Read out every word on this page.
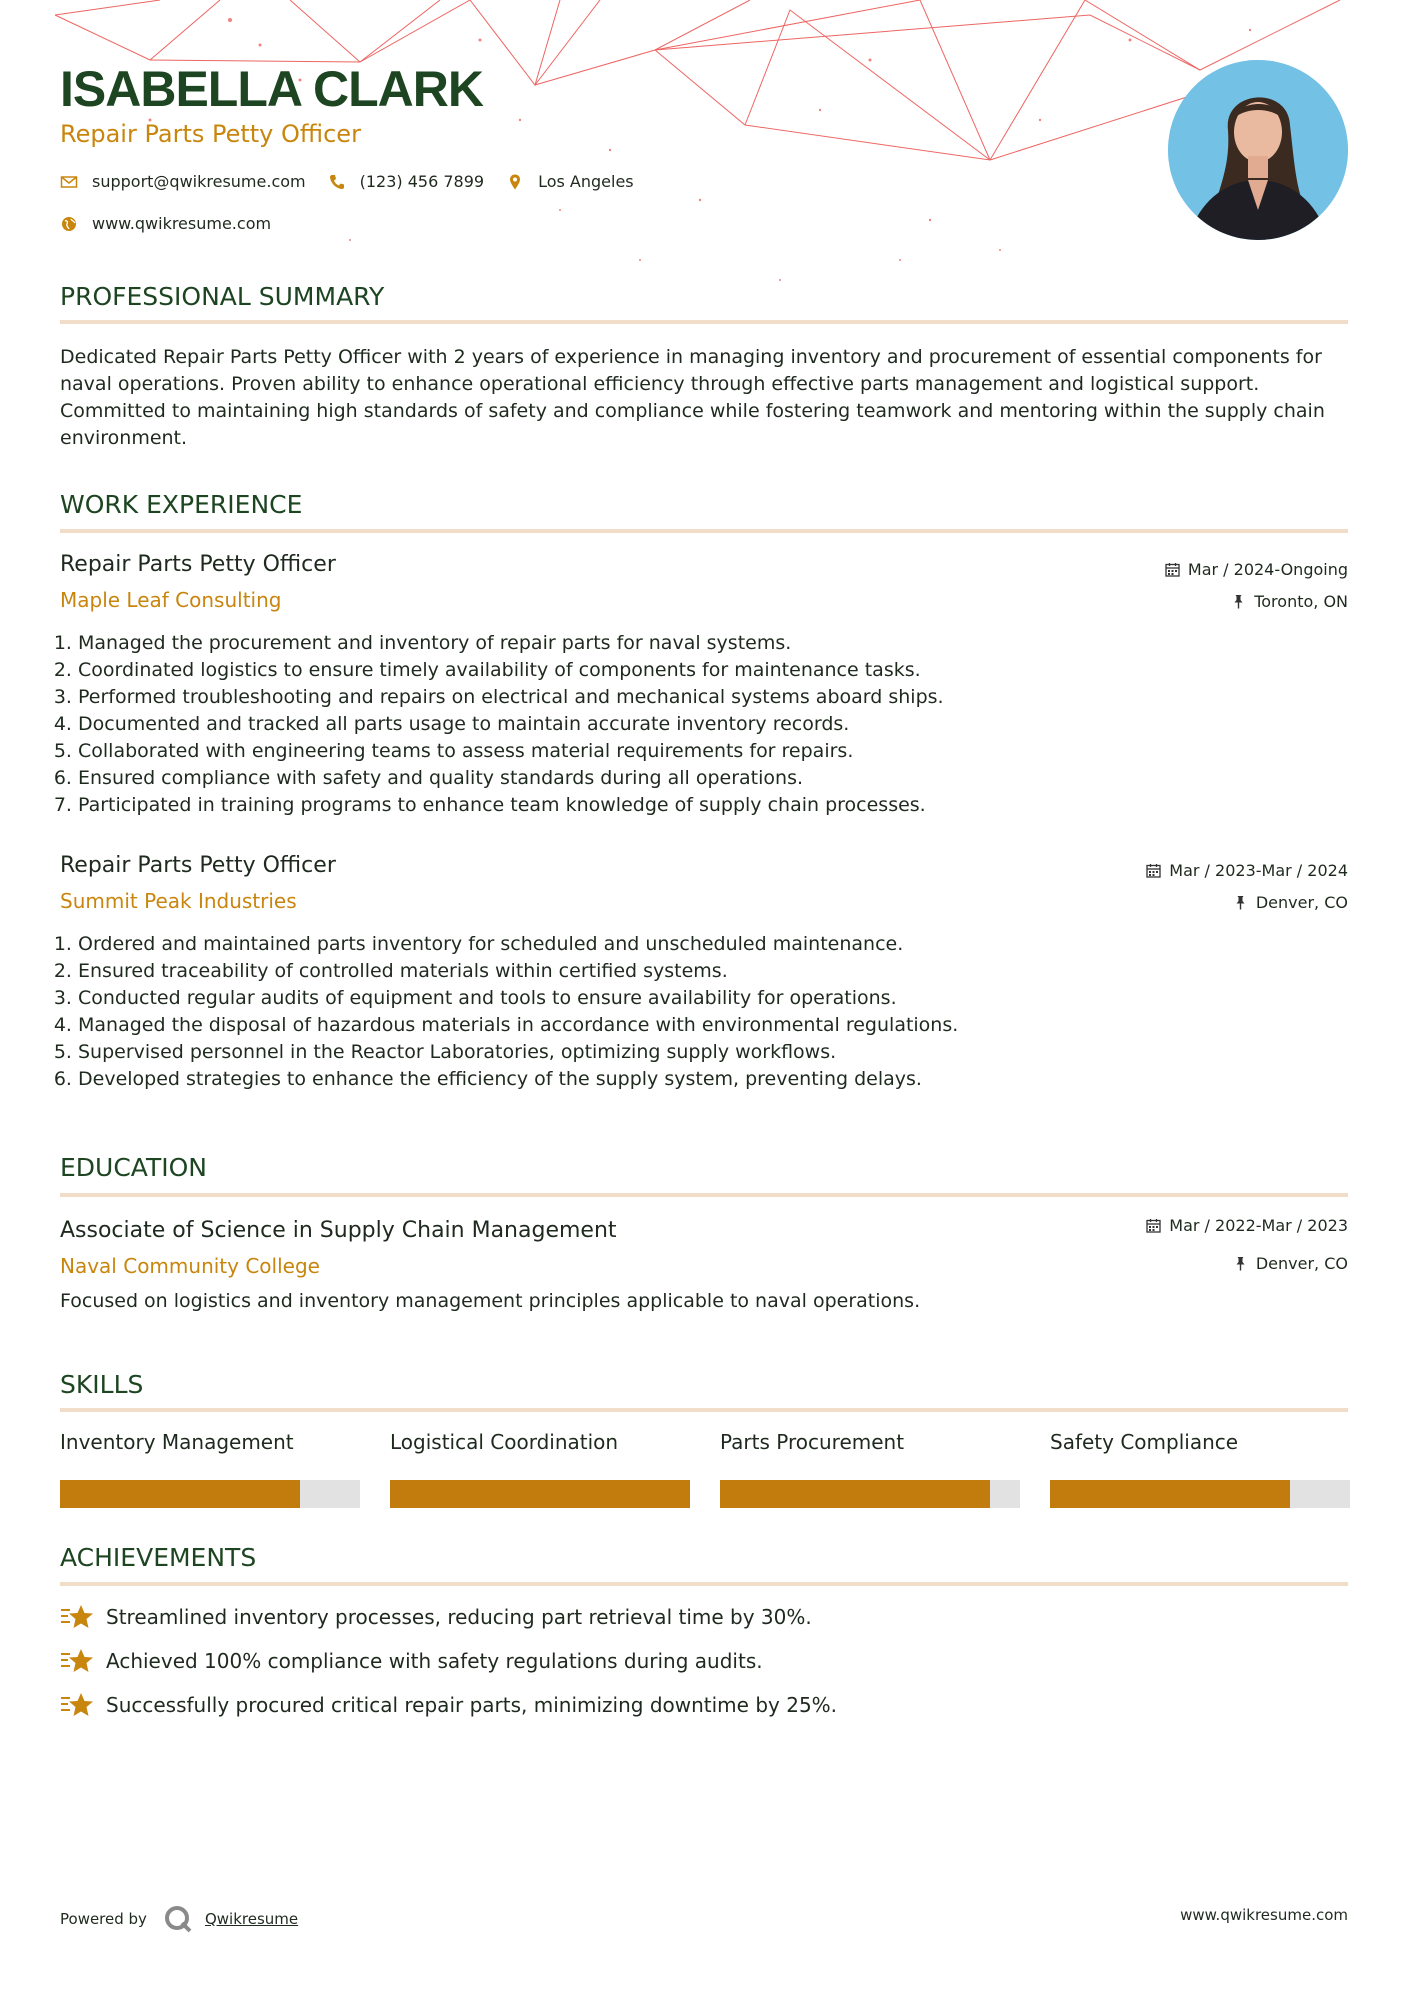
ISABELLA CLARK
Repair Parts Petty Officer
support@qwikresume.com	(123) 456 7899	Los Angeles
www.qwikresume.com
PROFESSIONAL SUMMARY
Dedicated Repair Parts Petty Officer with 2 years of experience in managing inventory and procurement of essential components for naval operations. Proven ability to enhance operational efficiency through effective parts management and logistical support. Committed to maintaining high standards of safety and compliance while fostering teamwork and mentoring within the supply chain environment.
WORK EXPERIENCE
Repair Parts Petty Officer
Maple Leaf Consulting
Mar / 2024-Ongoing
Toronto, ON
1. Managed the procurement and inventory of repair parts for naval systems.
2. Coordinated logistics to ensure timely availability of components for maintenance tasks.
3. Performed troubleshooting and repairs on electrical and mechanical systems aboard ships.
4. Documented and tracked all parts usage to maintain accurate inventory records.
5. Collaborated with engineering teams to assess material requirements for repairs.
6. Ensured compliance with safety and quality standards during all operations.
7. Participated in training programs to enhance team knowledge of supply chain processes.
Repair Parts Petty Officer
Summit Peak Industries
Mar / 2023-Mar / 2024
Denver, CO
1. Ordered and maintained parts inventory for scheduled and unscheduled maintenance.
2. Ensured traceability of controlled materials within certified systems.
3. Conducted regular audits of equipment and tools to ensure availability for operations.
4. Managed the disposal of hazardous materials in accordance with environmental regulations.
5. Supervised personnel in the Reactor Laboratories, optimizing supply workflows.
6. Developed strategies to enhance the efficiency of the supply system, preventing delays.
EDUCATION
Associate of Science in Supply Chain Management
Naval Community College
Mar / 2022-Mar / 2023
Denver, CO
Focused on logistics and inventory management principles applicable to naval operations.
SKILLS
Inventory Management	Logistical Coordination	Parts Procurement	Safety Compliance
ACHIEVEMENTS
Streamlined inventory processes, reducing part retrieval time by 30%.
Achieved 100% compliance with safety regulations during audits.
Successfully procured critical repair parts, minimizing downtime by 25%.
Powered by	Qwikresume	www.qwikresume.com
